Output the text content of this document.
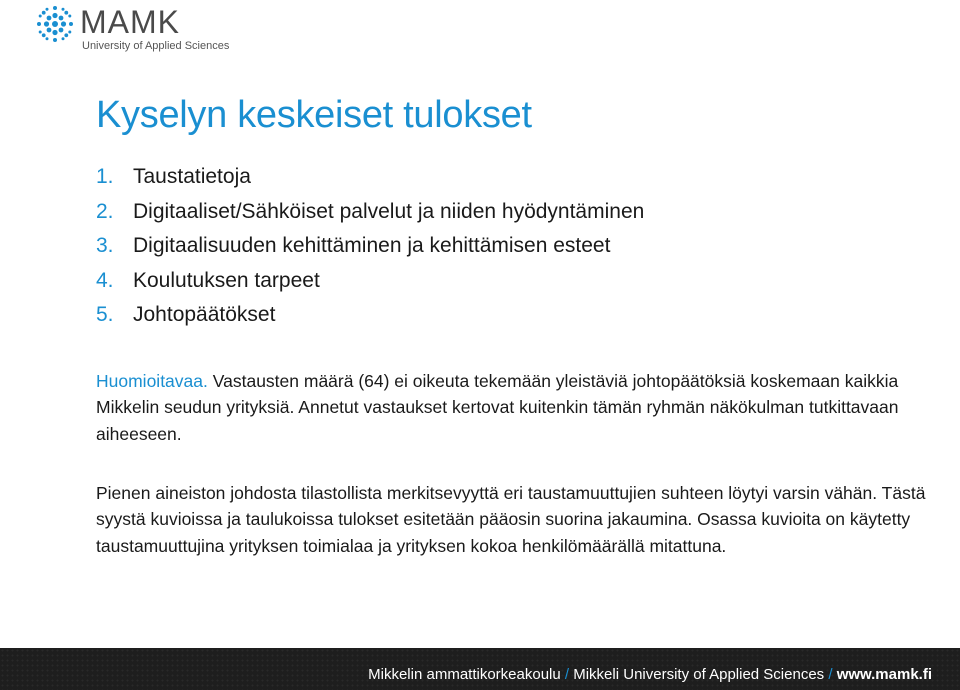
MAMK
University of Applied Sciences
Kyselyn keskeiset tulokset
1. Taustatietoja
2. Digitaaliset/Sähköiset palvelut ja niiden hyödyntäminen
3. Digitaalisuuden kehittäminen ja kehittämisen esteet
4. Koulutuksen tarpeet
5. Johtopäätökset

Huomioitavaa. Vastausten määrä (64) ei oikeuta tekemään yleistäviä johtopäätöksiä koskemaan kaikkia Mikkelin seudun yrityksiä. Annetut vastaukset kertovat kuitenkin tämän ryhmän näkökulman tutkittavaan aiheeseen.

Pienen aineiston johdosta tilastollista merkitsevyyttä eri taustamuuttujien suhteen löytyi varsin vähän. Tästä syystä kuvioissa ja taulukoissa tulokset esitetään pääosin suorina jakaumina. Osassa kuvioita on käytetty taustamuuttujina yrityksen toimialaa ja yrityksen kokoa henkilömäärällä mitattuna.

Mikkelin ammattikorkeakoulu / Mikkeli University of Applied Sciences / www.mamk.fi
